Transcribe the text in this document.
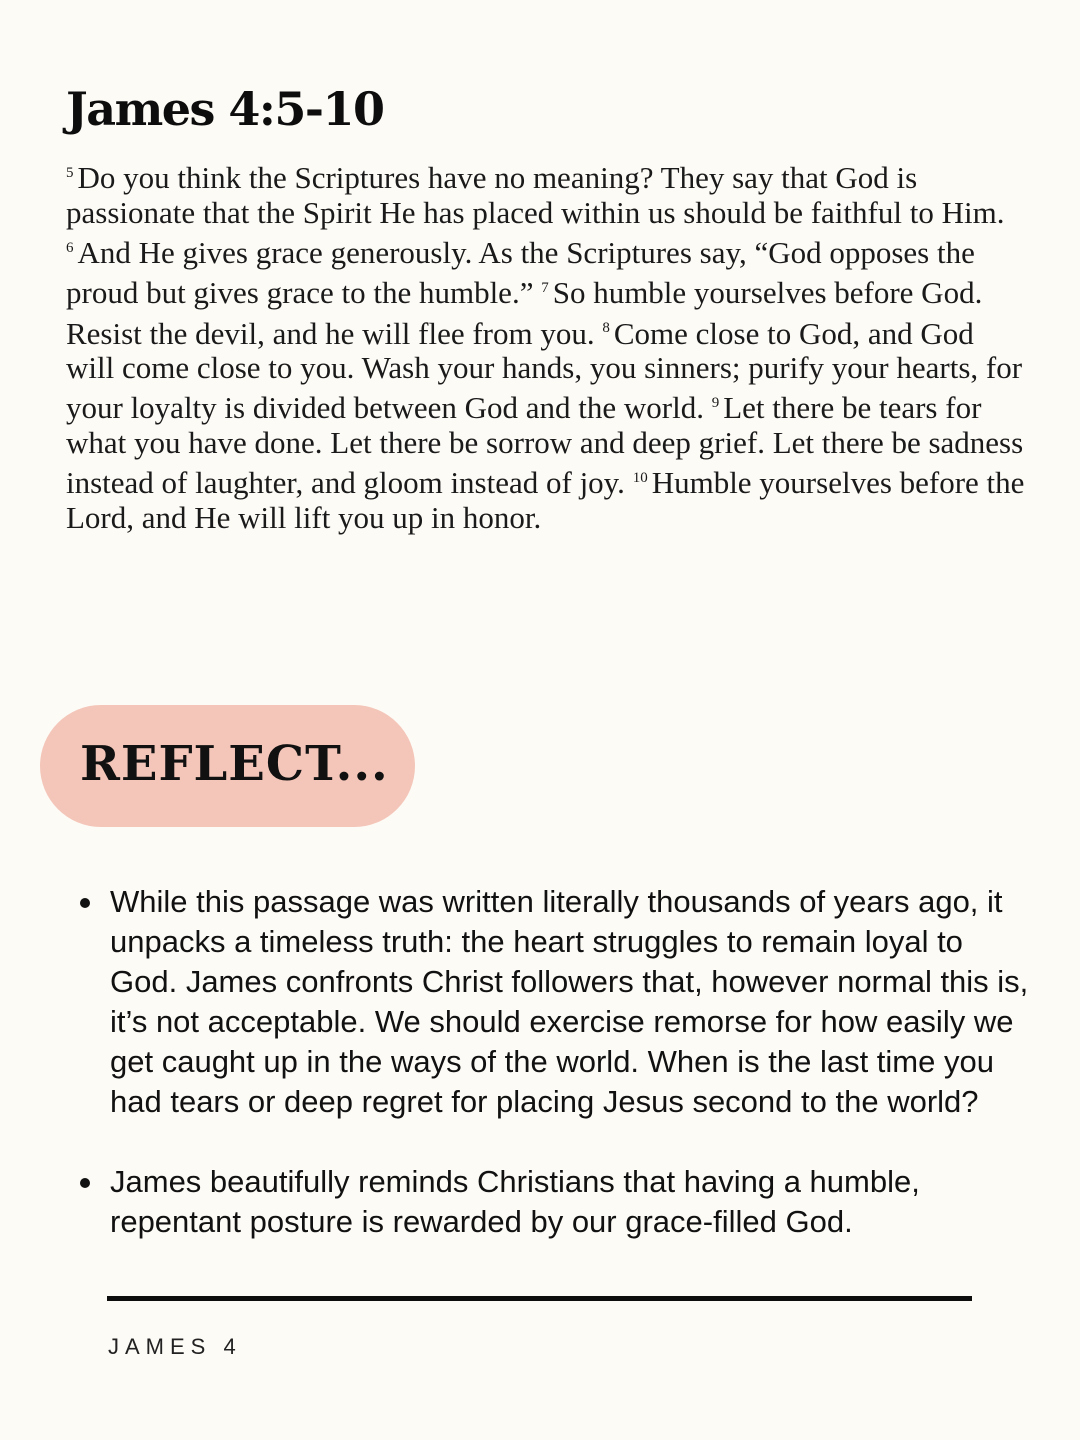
James 4:5-10

$^5$ Do you think the Scriptures have no meaning? They say that God is passionate that the Spirit He has placed within us should be faithful to Him. $^6$ And He gives grace generously. As the Scriptures say, “God opposes the proud but gives grace to the humble.” $^7$ So humble yourselves before God. Resist the devil, and he will flee from you. $^8$ Come close to God, and God will come close to you. Wash your hands, you sinners; purify your hearts, for your loyalty is divided between God and the world. $^9$ Let there be tears for what you have done. Let there be sorrow and deep grief. Let there be sadness instead of laughter, and gloom instead of joy. $^{10}$ Humble yourselves before the Lord, and He will lift you up in honor.

REFLECT...
While this passage was written literally thousands of years ago, it unpacks a timeless truth: the heart struggles to remain loyal to God. James confronts Christ followers that, however normal this is, it’s not acceptable. We should exercise remorse for how easily we get caught up in the ways of the world. When is the last time you had tears or deep regret for placing Jesus second to the world?
James beautifully reminds Christians that having a humble, repentant posture is rewarded by our grace-filled God.
JAMES 4
